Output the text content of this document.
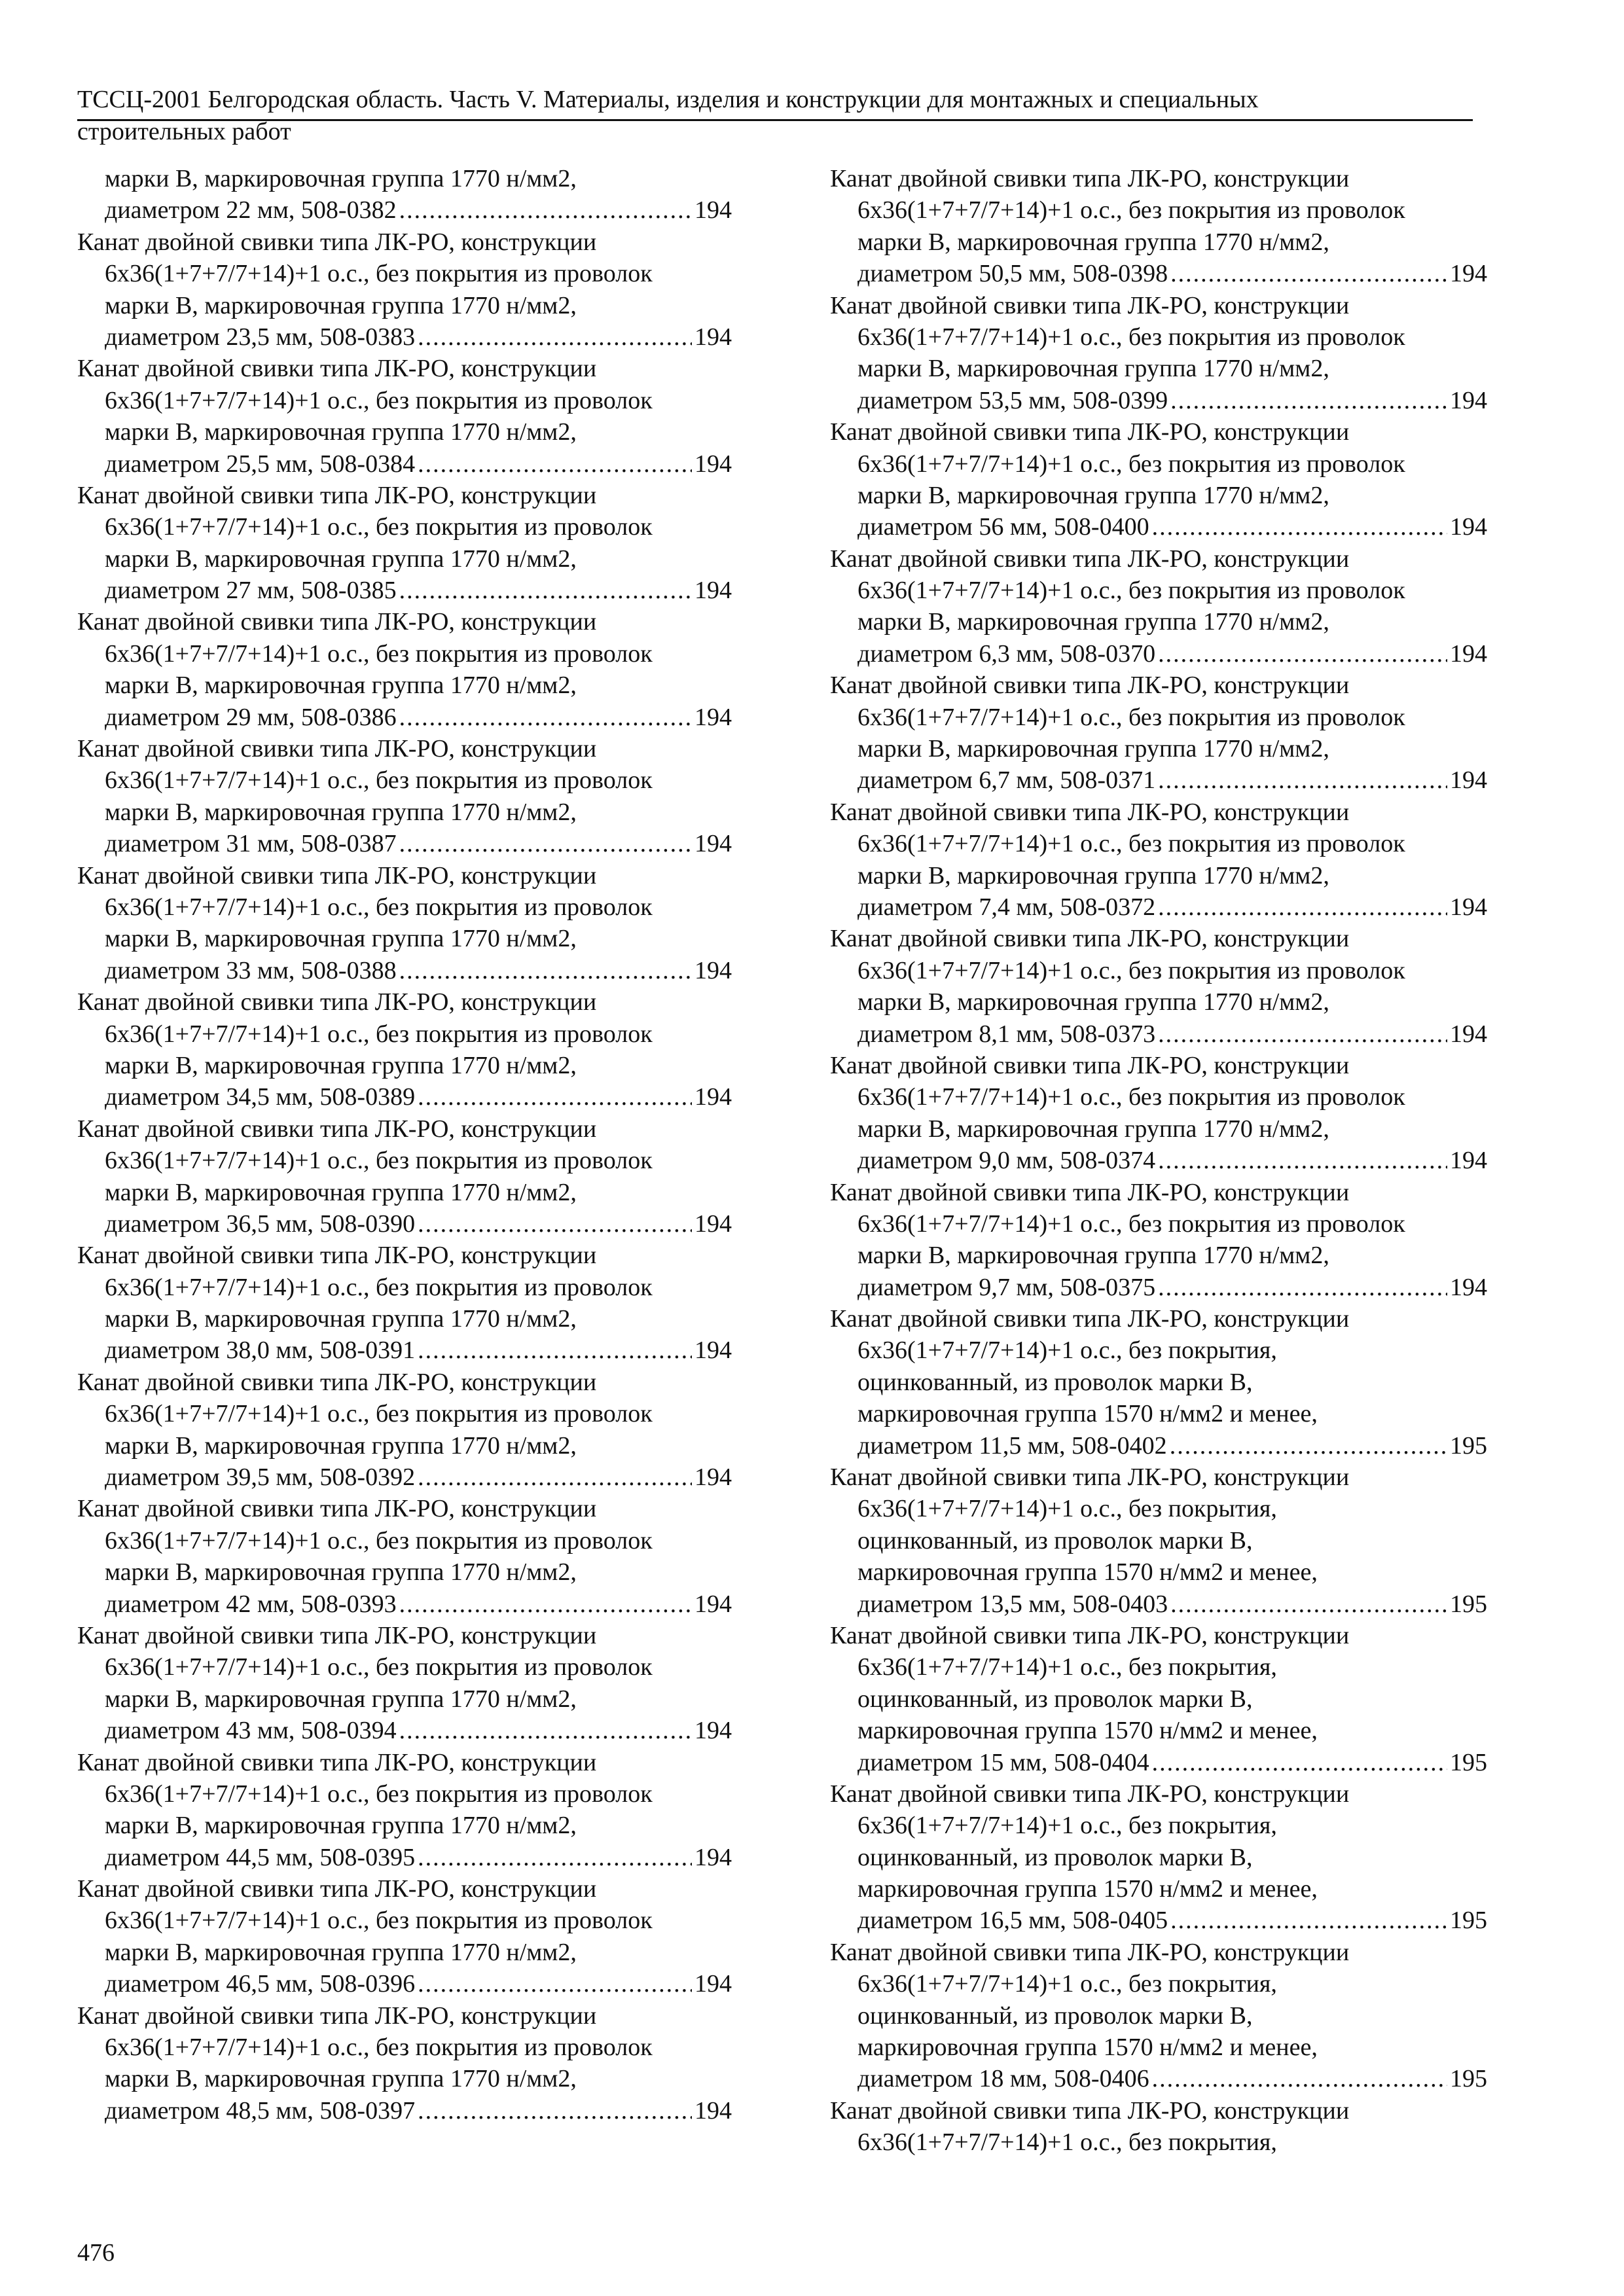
ТССЦ-2001 Белгородская область. Часть V. Материалы, изделия и конструкции для монтажных и специальных
строительных работ
марки В, маркировочная группа 1770 н/мм2,
диаметром 22 мм, 508-0382 .....	194
Канат двойной свивки типа ЛК-РО, конструкции
6х36(1+7+7/7+14)+1 о.с., без покрытия из проволок
марки В, маркировочная группа 1770 н/мм2,
диаметром 23,5 мм, 508-0383 .....	194
Канат двойной свивки типа ЛК-РО, конструкции
6х36(1+7+7/7+14)+1 о.с., без покрытия из проволок
марки В, маркировочная группа 1770 н/мм2,
диаметром 25,5 мм, 508-0384 .....	194
Канат двойной свивки типа ЛК-РО, конструкции
6х36(1+7+7/7+14)+1 о.с., без покрытия из проволок
марки В, маркировочная группа 1770 н/мм2,
диаметром 27 мм, 508-0385 .....	194
Канат двойной свивки типа ЛК-РО, конструкции
6х36(1+7+7/7+14)+1 о.с., без покрытия из проволок
марки В, маркировочная группа 1770 н/мм2,
диаметром 29 мм, 508-0386 .....	194
Канат двойной свивки типа ЛК-РО, конструкции
6х36(1+7+7/7+14)+1 о.с., без покрытия из проволок
марки В, маркировочная группа 1770 н/мм2,
диаметром 31 мм, 508-0387 .....	194
Канат двойной свивки типа ЛК-РО, конструкции
6х36(1+7+7/7+14)+1 о.с., без покрытия из проволок
марки В, маркировочная группа 1770 н/мм2,
диаметром 33 мм, 508-0388 .....	194
Канат двойной свивки типа ЛК-РО, конструкции
6х36(1+7+7/7+14)+1 о.с., без покрытия из проволок
марки В, маркировочная группа 1770 н/мм2,
диаметром 34,5 мм, 508-0389 .....	194
Канат двойной свивки типа ЛК-РО, конструкции
6х36(1+7+7/7+14)+1 о.с., без покрытия из проволок
марки В, маркировочная группа 1770 н/мм2,
диаметром 36,5 мм, 508-0390 .....	194
Канат двойной свивки типа ЛК-РО, конструкции
6х36(1+7+7/7+14)+1 о.с., без покрытия из проволок
марки В, маркировочная группа 1770 н/мм2,
диаметром 38,0 мм, 508-0391 .....	194
Канат двойной свивки типа ЛК-РО, конструкции
6х36(1+7+7/7+14)+1 о.с., без покрытия из проволок
марки В, маркировочная группа 1770 н/мм2,
диаметром 39,5 мм, 508-0392 .....	194
Канат двойной свивки типа ЛК-РО, конструкции
6х36(1+7+7/7+14)+1 о.с., без покрытия из проволок
марки В, маркировочная группа 1770 н/мм2,
диаметром 42 мм, 508-0393 .....	194
Канат двойной свивки типа ЛК-РО, конструкции
6х36(1+7+7/7+14)+1 о.с., без покрытия из проволок
марки В, маркировочная группа 1770 н/мм2,
диаметром 43 мм, 508-0394 .....	194
Канат двойной свивки типа ЛК-РО, конструкции
6х36(1+7+7/7+14)+1 о.с., без покрытия из проволок
марки В, маркировочная группа 1770 н/мм2,
диаметром 44,5 мм, 508-0395 .....	194
Канат двойной свивки типа ЛК-РО, конструкции
6х36(1+7+7/7+14)+1 о.с., без покрытия из проволок
марки В, маркировочная группа 1770 н/мм2,
диаметром 46,5 мм, 508-0396 .....	194
Канат двойной свивки типа ЛК-РО, конструкции
6х36(1+7+7/7+14)+1 о.с., без покрытия из проволок
марки В, маркировочная группа 1770 н/мм2,
диаметром 48,5 мм, 508-0397 .....	194
Канат двойной свивки типа ЛК-РО, конструкции
6х36(1+7+7/7+14)+1 о.с., без покрытия из проволок
марки В, маркировочная группа 1770 н/мм2,
диаметром 50,5 мм, 508-0398 .....	194
Канат двойной свивки типа ЛК-РО, конструкции
6х36(1+7+7/7+14)+1 о.с., без покрытия из проволок
марки В, маркировочная группа 1770 н/мм2,
диаметром 53,5 мм, 508-0399 .....	194
Канат двойной свивки типа ЛК-РО, конструкции
6х36(1+7+7/7+14)+1 о.с., без покрытия из проволок
марки В, маркировочная группа 1770 н/мм2,
диаметром 56 мм, 508-0400 .....	194
Канат двойной свивки типа ЛК-РО, конструкции
6х36(1+7+7/7+14)+1 о.с., без покрытия из проволок
марки В, маркировочная группа 1770 н/мм2,
диаметром 6,3 мм, 508-0370 .....	194
Канат двойной свивки типа ЛК-РО, конструкции
6х36(1+7+7/7+14)+1 о.с., без покрытия из проволок
марки В, маркировочная группа 1770 н/мм2,
диаметром 6,7 мм, 508-0371 .....	194
Канат двойной свивки типа ЛК-РО, конструкции
6х36(1+7+7/7+14)+1 о.с., без покрытия из проволок
марки В, маркировочная группа 1770 н/мм2,
диаметром 7,4 мм, 508-0372 .....	194
Канат двойной свивки типа ЛК-РО, конструкции
6х36(1+7+7/7+14)+1 о.с., без покрытия из проволок
марки В, маркировочная группа 1770 н/мм2,
диаметром 8,1 мм, 508-0373 .....	194
Канат двойной свивки типа ЛК-РО, конструкции
6х36(1+7+7/7+14)+1 о.с., без покрытия из проволок
марки В, маркировочная группа 1770 н/мм2,
диаметром 9,0 мм, 508-0374 .....	194
Канат двойной свивки типа ЛК-РО, конструкции
6х36(1+7+7/7+14)+1 о.с., без покрытия из проволок
марки В, маркировочная группа 1770 н/мм2,
диаметром 9,7 мм, 508-0375 .....	194
Канат двойной свивки типа ЛК-РО, конструкции
6х36(1+7+7/7+14)+1 о.с., без покрытия,
оцинкованный, из проволок марки В,
маркировочная группа 1570 н/мм2 и менее,
диаметром 11,5 мм, 508-0402 .....	195
Канат двойной свивки типа ЛК-РО, конструкции
6х36(1+7+7/7+14)+1 о.с., без покрытия,
оцинкованный, из проволок марки В,
маркировочная группа 1570 н/мм2 и менее,
диаметром 13,5 мм, 508-0403 .....	195
Канат двойной свивки типа ЛК-РО, конструкции
6х36(1+7+7/7+14)+1 о.с., без покрытия,
оцинкованный, из проволок марки В,
маркировочная группа 1570 н/мм2 и менее,
диаметром 15 мм, 508-0404 .....	195
Канат двойной свивки типа ЛК-РО, конструкции
6х36(1+7+7/7+14)+1 о.с., без покрытия,
оцинкованный, из проволок марки В,
маркировочная группа 1570 н/мм2 и менее,
диаметром 16,5 мм, 508-0405 .....	195
Канат двойной свивки типа ЛК-РО, конструкции
6х36(1+7+7/7+14)+1 о.с., без покрытия,
оцинкованный, из проволок марки В,
маркировочная группа 1570 н/мм2 и менее,
диаметром 18 мм, 508-0406 .....	195
Канат двойной свивки типа ЛК-РО, конструкции
6х36(1+7+7/7+14)+1 о.с., без покрытия,
476
